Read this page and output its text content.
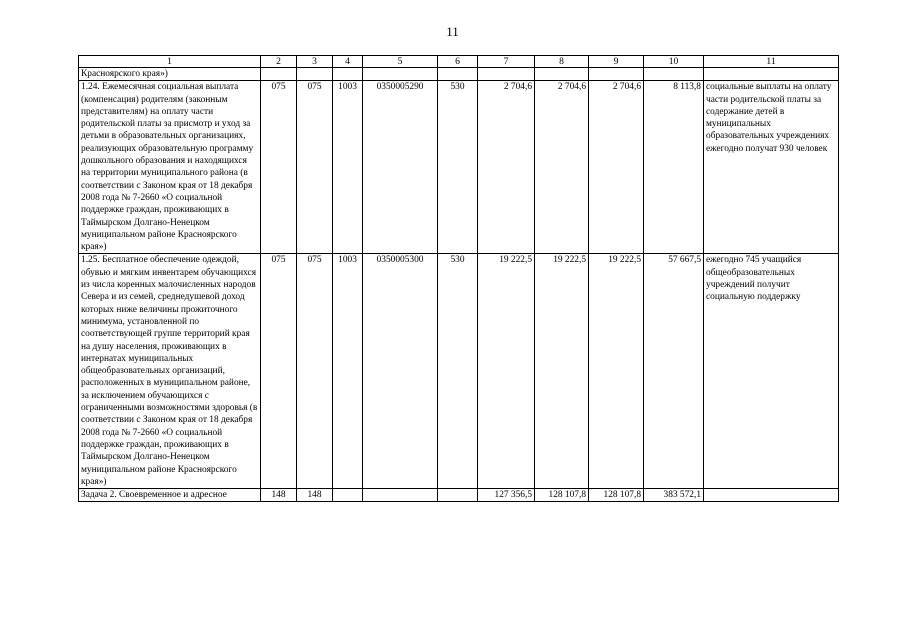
11
1	2	3	4	5	6	7	8	9	10	11
Красноярского края»)										
1.24. Ежемесячная социальная выплата (компенсация) родителям (законным представителям) на оплату части родительской платы за присмотр и уход за детьми в образовательных организациях, реализующих образовательную программу дошкольного образования и находящихся на территории муниципального района (в соответствии с Законом края от 18 декабря 2008 года № 7-2660 «О социальной поддержке граждан, проживающих в Таймырском Долгано-Ненецком муниципальном районе Красноярского края»)	075	075	1003	0350005290	530	2 704,6	2 704,6	2 704,6	8 113,8	социальные выплаты на оплату части родительской платы за содержание детей в муниципальных образовательных учреждениях ежегодно получат 930 человек
1.25. Бесплатное обеспечение одеждой, обувью и мягким инвентарем обучающихся из числа коренных малочисленных народов Севера и из семей, среднедушевой доход которых ниже величины прожиточного минимума, установленной по соответствующей группе территорий края на душу населения, проживающих в интернатах муниципальных общеобразовательных организаций, расположенных в муниципальном районе, за исключением обучающихся с ограниченными возможностями здоровья (в соответствии с Законом края от 18 декабря 2008 года № 7-2660 «О социальной поддержке граждан, проживающих в Таймырском Долгано-Ненецком муниципальном районе Красноярского края»)	075	075	1003	0350005300	530	19 222,5	19 222,5	19 222,5	57 667,5	ежегодно 745 учащийся общеобразовательных учреждений получит социальную поддержку
Задача 2. Своевременное и адресное	148	148				127 356,5	128 107,8	128 107,8	383 572,1	
